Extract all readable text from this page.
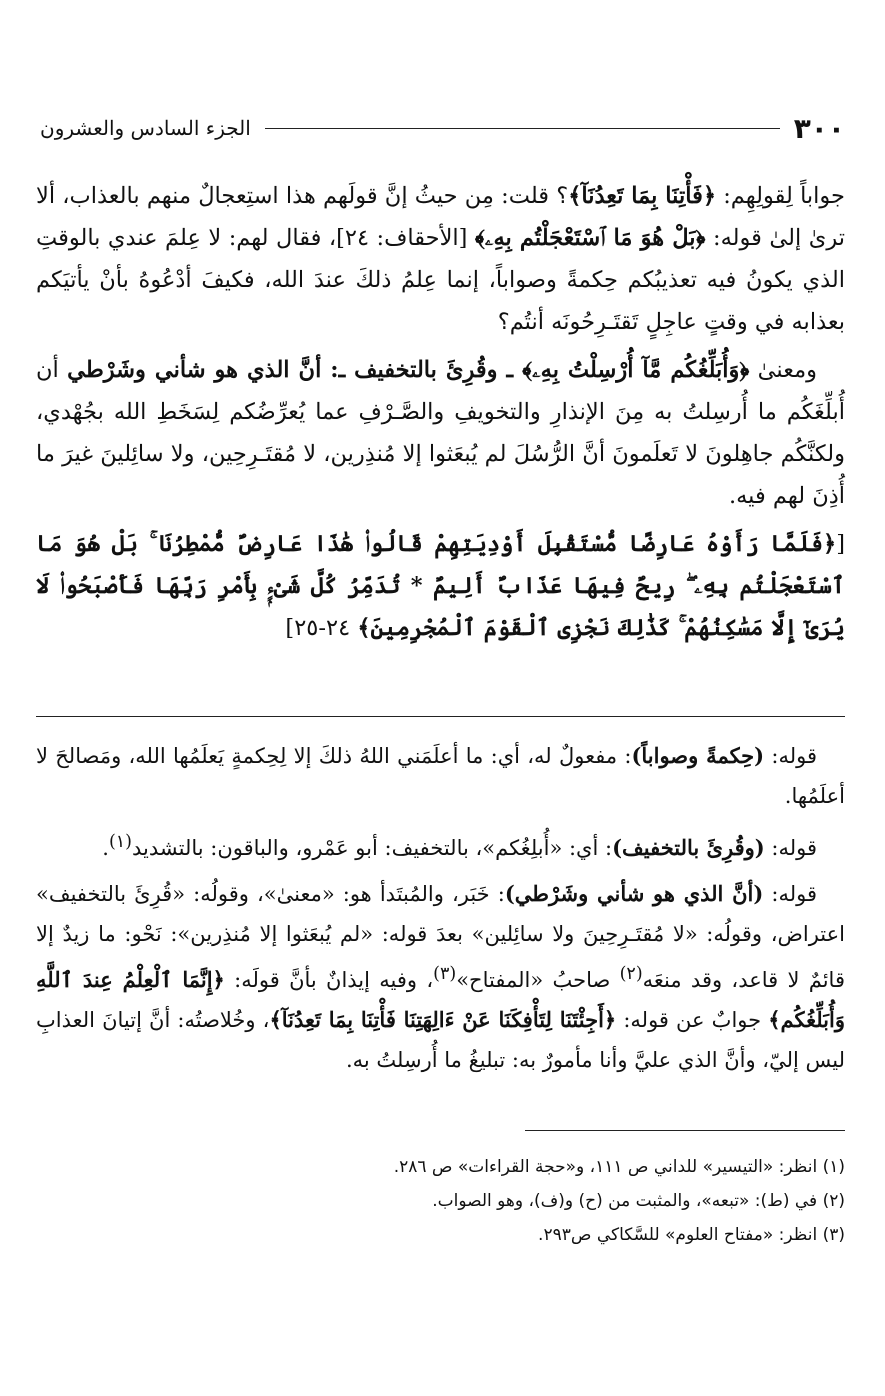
الجزء السادس والعشرون	٣٠٠

جواباً لِقولِهِم: ﴿فَأْتِنَا بِمَا تَعِدُنَآ﴾؟ قلت: مِن حيثُ إنَّ قولَهم هذا استِعجالٌ منهم بالعذاب، ألا ترىٰ إلىٰ قوله: ﴿بَلْ هُوَ مَا ٱسْتَعْجَلْتُم بِهِۦ﴾ [الأحقاف: ٢٤]، فقال لهم: لا عِلمَ عندي بالوقتِ الذي يكونُ فيه تعذيبُكم حِكمةً وصواباً، إنما عِلمُ ذلكَ عندَ الله، فكيفَ أدْعُوهُ بأنْ يأتيَكم بعذابه في وقتٍ عاجِلٍ تَقتَـرِحُونَه أنتُم؟

ومعنىٰ ﴿وَأُبَلِّغُكُم مَّآ أُرْسِلْتُ بِهِۦ﴾ ـ وقُرِئَ بالتخفيف ـ: أنَّ الذي هو شأني وشَرْطي أن أُبلِّغَكُم ما أُرسِلتُ به مِنَ الإنذارِ والتخويفِ والصَّـرْفِ عما يُعرِّضُكم لِسَخَطِ الله بجُهْدي، ولكنَّكُم جاهِلونَ لا تَعلَمونَ أنَّ الرُّسُلَ لم يُبعَثوا إلا مُنذِرين، لا مُقتَـرِحِين، ولا سائِلينَ غيرَ ما أُذِنَ لهم فيه.

[﴿فَلَمَّا رَأَوْهُ عَارِضًا مُّسْتَقْبِلَ أَوْدِيَتِهِمْ قَالُوا۟ هَٰذَا عَارِضٌ مُّمْطِرُنَا ۚ بَلْ هُوَ مَا ٱسْتَعْجَلْتُم بِهِۦ ۖ رِيحٌ فِيهَا عَذَابٌ أَلِيمٌ * تُدَمِّرُ كُلَّ شَىْءٍۭ بِأَمْرِ رَبِّهَا فَأَصْبَحُوا۟ لَا يُرَىٰٓ إِلَّا مَسَٰكِنُهُمْ ۚ كَذَٰلِكَ نَجْزِى ٱلْقَوْمَ ٱلْمُجْرِمِينَ﴾ ٢٤-٢٥]

قوله: (حِكمةً وصواباً): مفعولٌ له، أي: ما أعلَمَني اللهُ ذلكَ إلا لِحِكمةٍ يَعلَمُها الله، ومَصالحَ لا أعلَمُها.

قوله: (وقُرِئَ بالتخفيف): أي: «أُبلِغُكم»، بالتخفيف: أبو عَمْرو، والباقون: بالتشديد$^{(١)}$.

قوله: (أنَّ الذي هو شأني وشَرْطي): خَبَر، والمُبتَدأ هو: «معنىٰ»، وقولُه: «قُرِئَ بالتخفيف» اعتراض، وقولُه: «لا مُقتَـرِحِينَ ولا سائِلين» بعدَ قوله: «لم يُبعَثوا إلا مُنذِرين»: نَحْو: ما زيدٌ إلا قائمٌ لا قاعد، وقد منعَه$^{(٢)}$ صاحبُ «المفتاح»$^{(٣)}$، وفيه إيذانٌ بأنَّ قولَه: ﴿إِنَّمَا ٱلْعِلْمُ عِندَ ٱللَّهِ وَأُبَلِّغُكُم﴾ جوابٌ عن قوله: ﴿أَجِئْتَنَا لِتَأْفِكَنَا عَنْ ءَالِهَتِنَا فَأْتِنَا بِمَا تَعِدُنَآ﴾، وخُلاصتُه: أنَّ إتيانَ العذابِ ليس إليّ، وأنَّ الذي عليَّ وأنا مأمورٌ به: تبليغُ ما أُرسِلتُ به.

(١) انظر: «التيسير» للداني ص ١١١، و«حجة القراءات» ص ٢٨٦.

(٢) في (ط): «تبعه»، والمثبت من (ح) و(ف)، وهو الصواب.

(٣) انظر: «مفتاح العلوم» للسَّكاكي ص٢٩٣.
